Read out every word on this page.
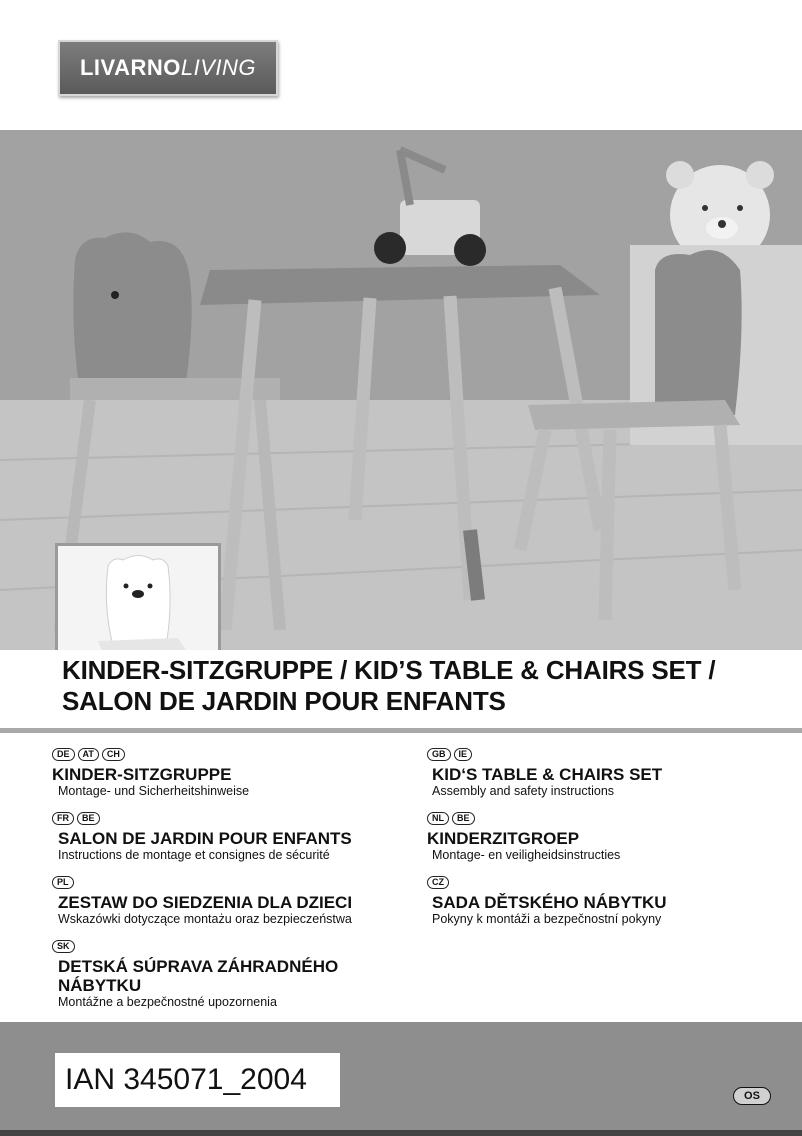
LIVARNO LIVING
KINDER-SITZGRUPPE / KID’S TABLE & CHAIRS SET /
SALON DE JARDIN POUR ENFANTS
DE	AT	CH
KINDER-SITZGRUPPE
Montage- und Sicherheitshinweise
FR	BE
SALON DE JARDIN POUR ENFANTS
Instructions de montage et consignes de sécurité
PL
ZESTAW DO SIEDZENIA DLA DZIECI
Wskazówki dotyczące montażu oraz bezpieczeństwa
SK
DETSKÁ SÚPRAVA ZÁHRADNÉHO NÁBYTKU
Montážne a bezpečnostné upozornenia
GB	IE
KID‘S TABLE & CHAIRS SET
Assembly and safety instructions
NL	BE
KINDERZITGROEP
Montage- en veiligheidsinstructies
CZ
SADA DĚTSKÉHO NÁBYTKU
Pokyny k montáži a bezpečnostní pokyny
IAN 345071_2004	OS
